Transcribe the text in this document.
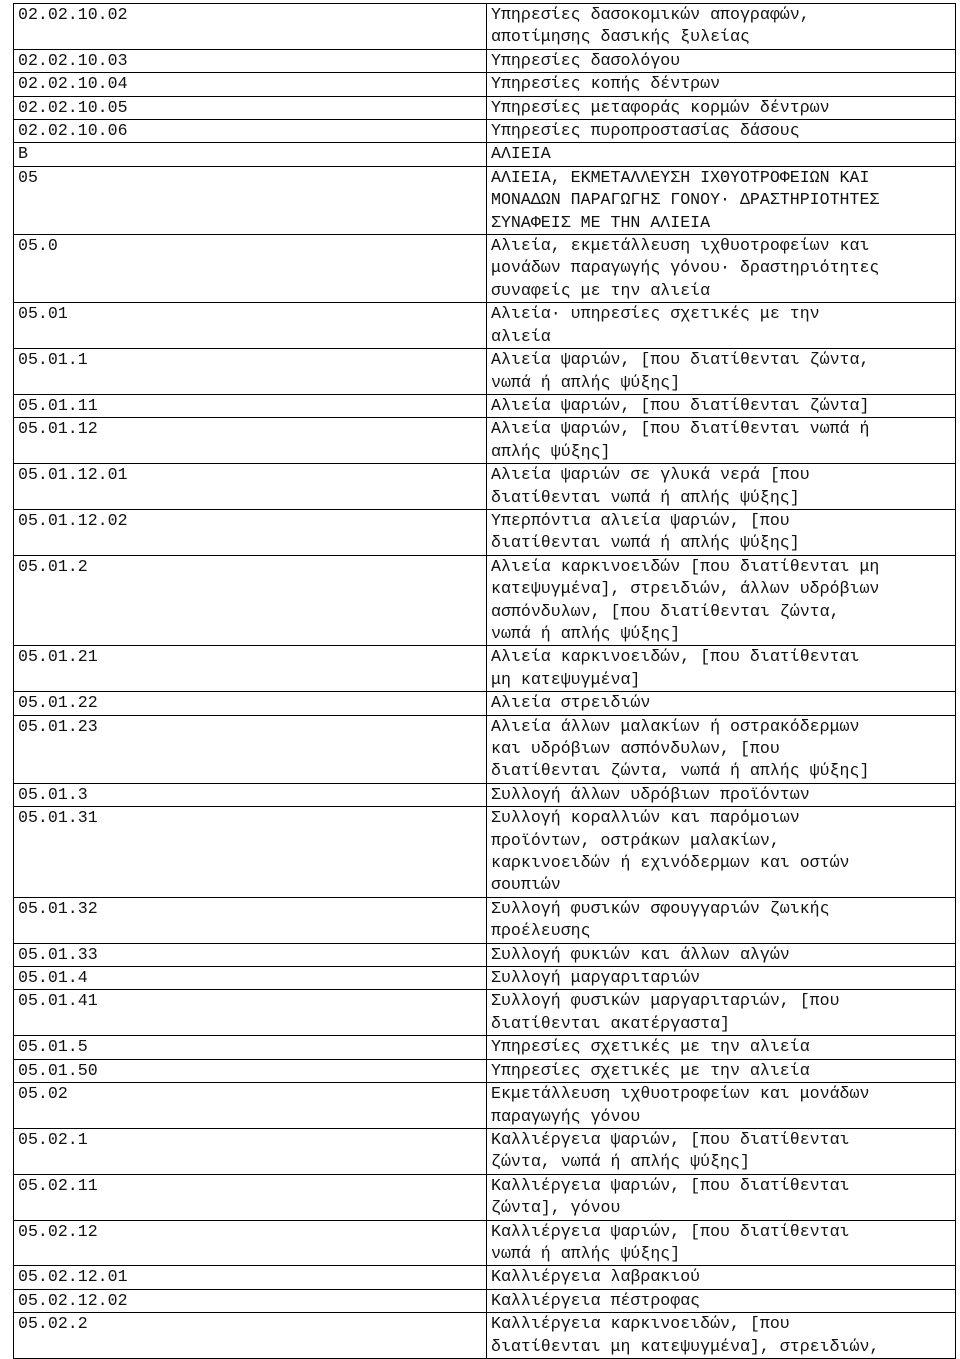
02.02.10.02	Υπηρεσίες δασοκομικών απογραφών,
αποτίμησης δασικής ξυλείας

02.02.10.03	Υπηρεσίες δασολόγου

02.02.10.04	Υπηρεσίες κοπής δέντρων

02.02.10.05	Υπηρεσίες μεταφοράς κορμών δέντρων

02.02.10.06	Υπηρεσίες πυροπροστασίας δάσους

B	ΑΛΙΕΙΑ

05	ΑΛΙΕΙΑ, ΕΚΜΕΤΑΛΛΕΥΣΗ ΙΧΘΥΟΤΡΟΦΕΙΩΝ ΚΑΙ
ΜΟΝΑΔΩΝ ΠΑΡΑΓΩΓΗΣ ΓΟΝΟΥ· ΔΡΑΣΤΗΡΙΟΤΗΤΕΣ
ΣΥΝΑΦΕΙΣ ΜΕ ΤΗΝ ΑΛΙΕΙΑ

05.0	Αλιεία, εκμετάλλευση ιχθυοτροφείων και
μονάδων παραγωγής γόνου· δραστηριότητες
συναφείς με την αλιεία

05.01	Αλιεία· υπηρεσίες σχετικές με την
αλιεία

05.01.1	Αλιεία ψαριών, [που διατίθενται ζώντα,
νωπά ή απλής ψύξης]

05.01.11	Αλιεία ψαριών, [που διατίθενται ζώντα]

05.01.12	Αλιεία ψαριών, [που διατίθενται νωπά ή
απλής ψύξης]

05.01.12.01	Αλιεία ψαριών σε γλυκά νερά [που
διατίθενται νωπά ή απλής ψύξης]

05.01.12.02	Υπερπόντια αλιεία ψαριών, [που
διατίθενται νωπά ή απλής ψύξης]

05.01.2	Αλιεία καρκινοειδών [που διατίθενται μη
κατεψυγμένα], στρειδιών, άλλων υδρόβιων
ασπόνδυλων, [που διατίθενται ζώντα,
νωπά ή απλής ψύξης]

05.01.21	Αλιεία καρκινοειδών, [που διατίθενται
μη κατεψυγμένα]

05.01.22	Αλιεία στρειδιών

05.01.23	Αλιεία άλλων μαλακίων ή οστρακόδερμων
και υδρόβιων ασπόνδυλων, [που
διατίθενται ζώντα, νωπά ή απλής ψύξης]

05.01.3	Συλλογή άλλων υδρόβιων προϊόντων

05.01.31	Συλλογή κοραλλιών και παρόμοιων
προϊόντων, οστράκων μαλακίων,
καρκινοειδών ή εχινόδερμων και οστών
σουπιών

05.01.32	Συλλογή φυσικών σφουγγαριών ζωικής
προέλευσης

05.01.33	Συλλογή φυκιών και άλλων αλγών

05.01.4	Συλλογή μαργαριταριών

05.01.41	Συλλογή φυσικών μαργαριταριών, [που
διατίθενται ακατέργαστα]

05.01.5	Υπηρεσίες σχετικές με την αλιεία

05.01.50	Υπηρεσίες σχετικές με την αλιεία

05.02	Εκμετάλλευση ιχθυοτροφείων και μονάδων
παραγωγής γόνου

05.02.1	Καλλιέργεια ψαριών, [που διατίθενται
ζώντα, νωπά ή απλής ψύξης]

05.02.11	Καλλιέργεια ψαριών, [που διατίθενται
ζώντα], γόνου

05.02.12	Καλλιέργεια ψαριών, [που διατίθενται
νωπά ή απλής ψύξης]

05.02.12.01	Καλλιέργεια λαβρακιού

05.02.12.02	Καλλιέργεια πέστροφας

05.02.2	Καλλιέργεια καρκινοειδών, [που
διατίθενται μη κατεψυγμένα], στρειδιών,
